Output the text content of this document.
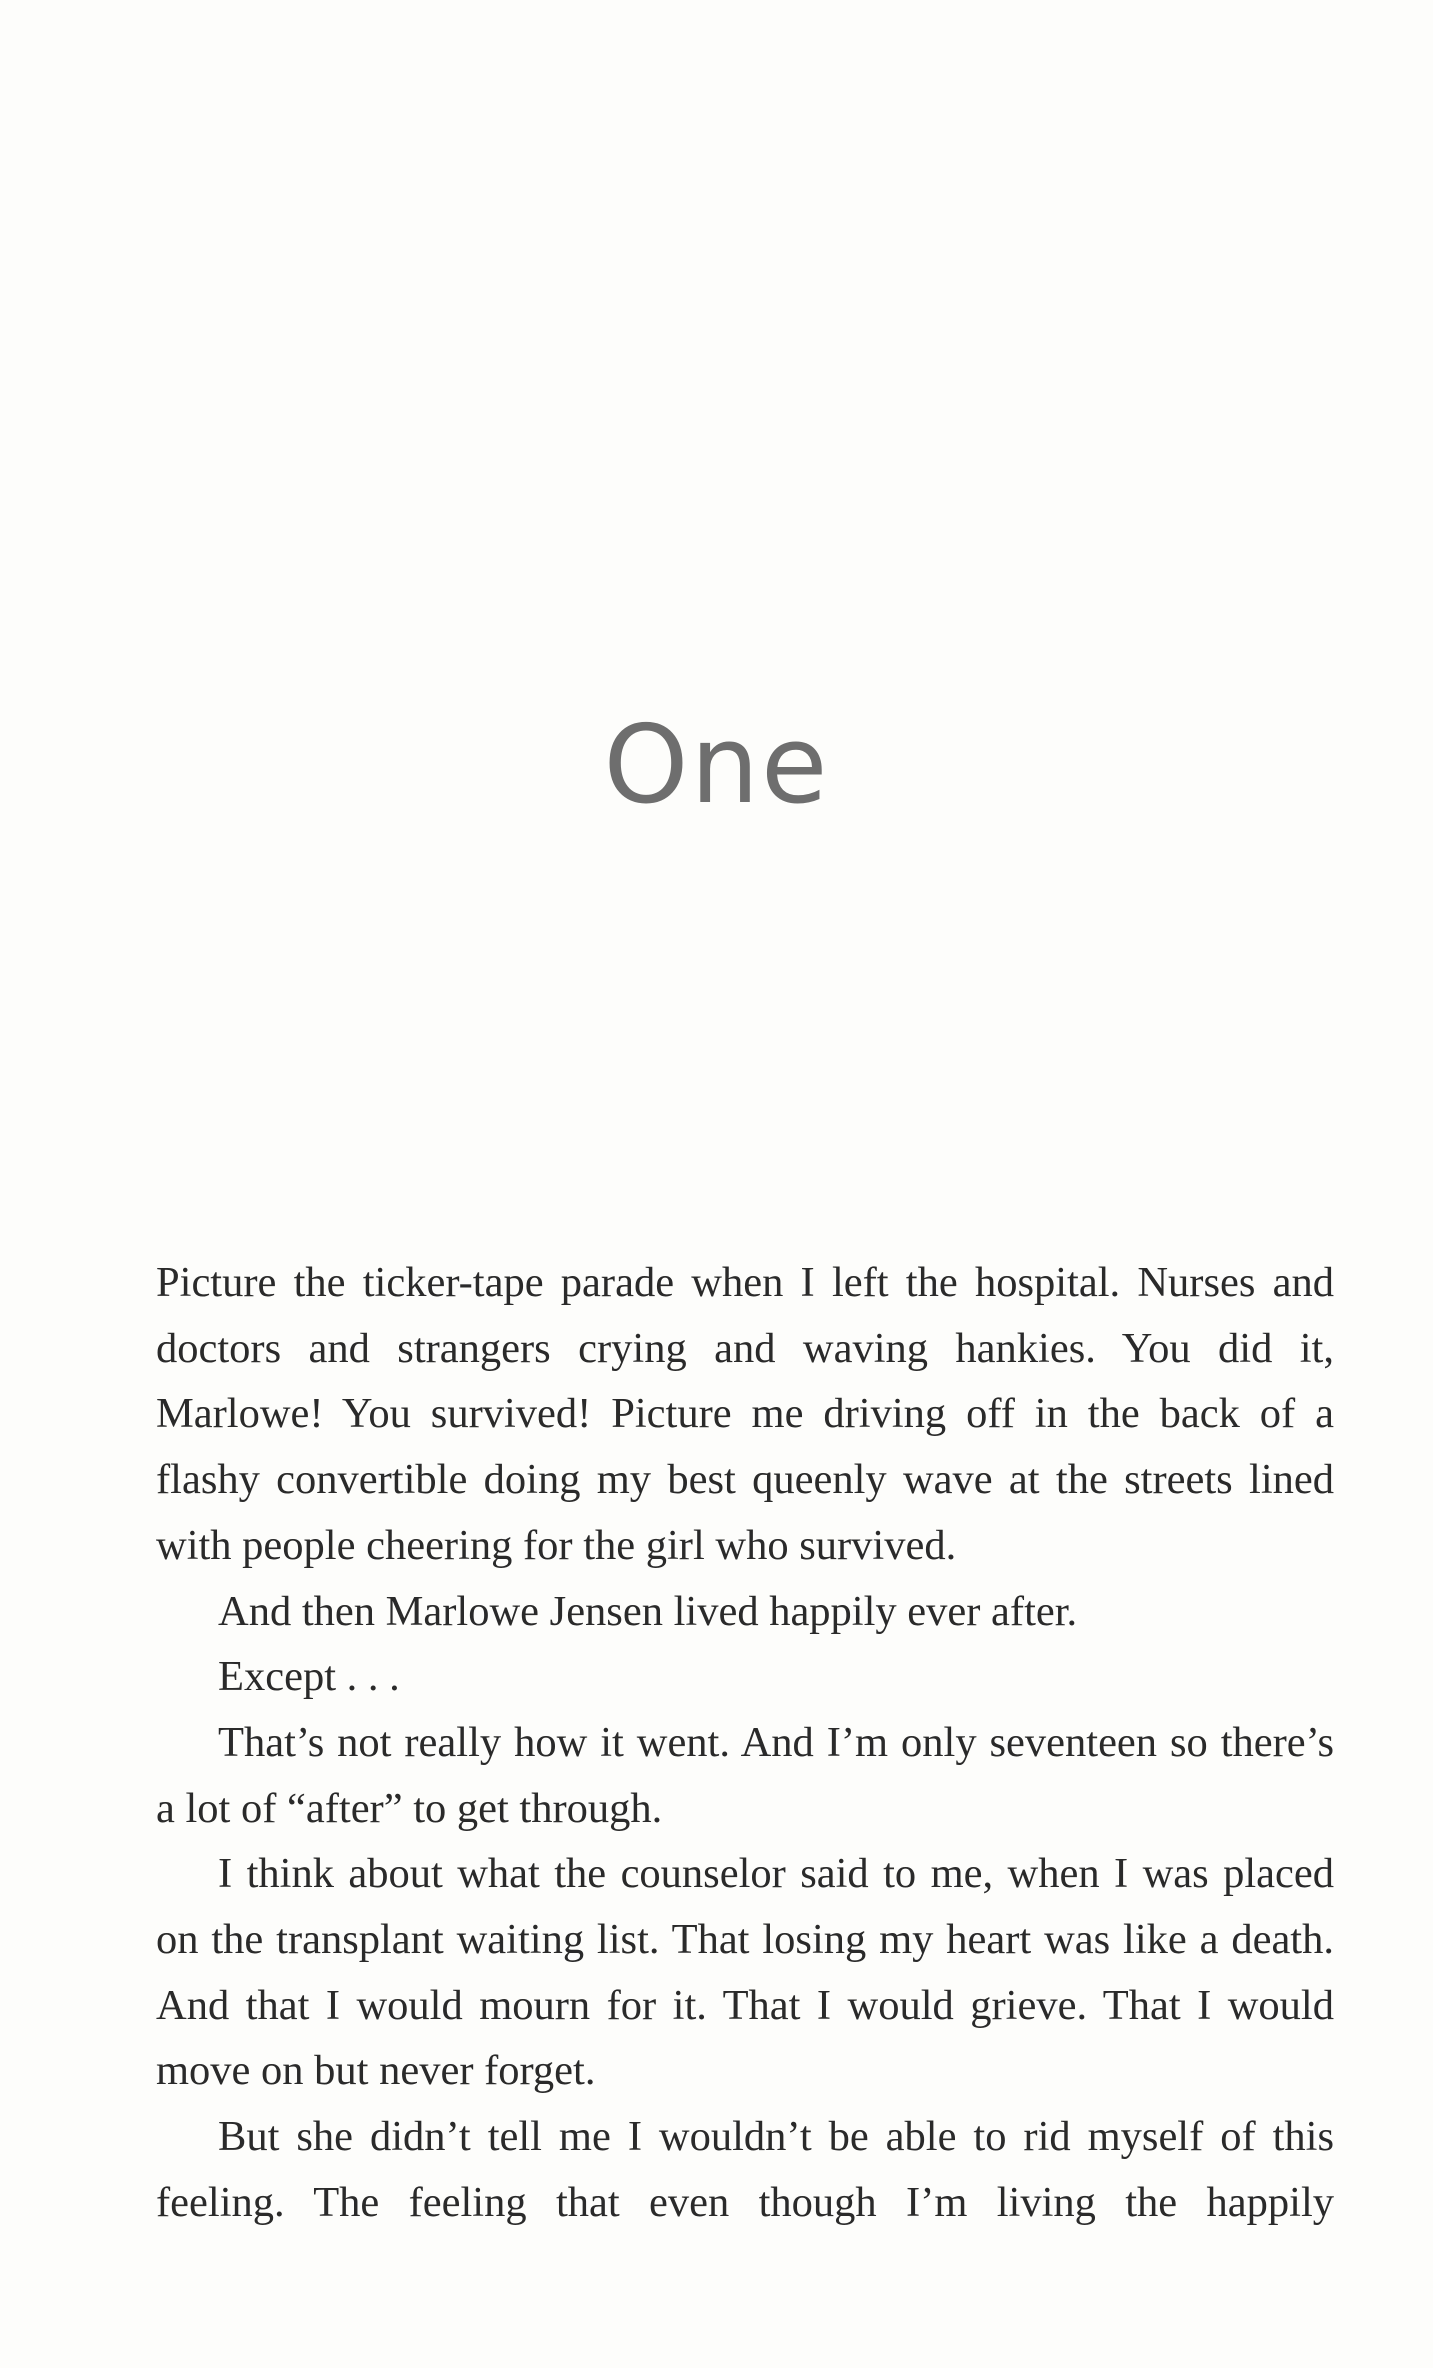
One

Picture the ticker-tape parade when I left the hospital. Nurses and doctors and strangers crying and waving hankies. You did it, Marlowe! You survived! Picture me driving off in the back of a flashy convertible doing my best queenly wave at the streets lined with people cheering for the girl who survived.

And then Marlowe Jensen lived happily ever after.

Except . . .

That’s not really how it went. And I’m only seventeen so there’s a lot of “after” to get through.

I think about what the counselor said to me, when I was placed on the transplant waiting list. That losing my heart was like a death. And that I would mourn for it. That I would grieve. That I would move on but never forget.

But she didn’t tell me I wouldn’t be able to rid myself of this feeling. The feeling that even though I’m living the happily
